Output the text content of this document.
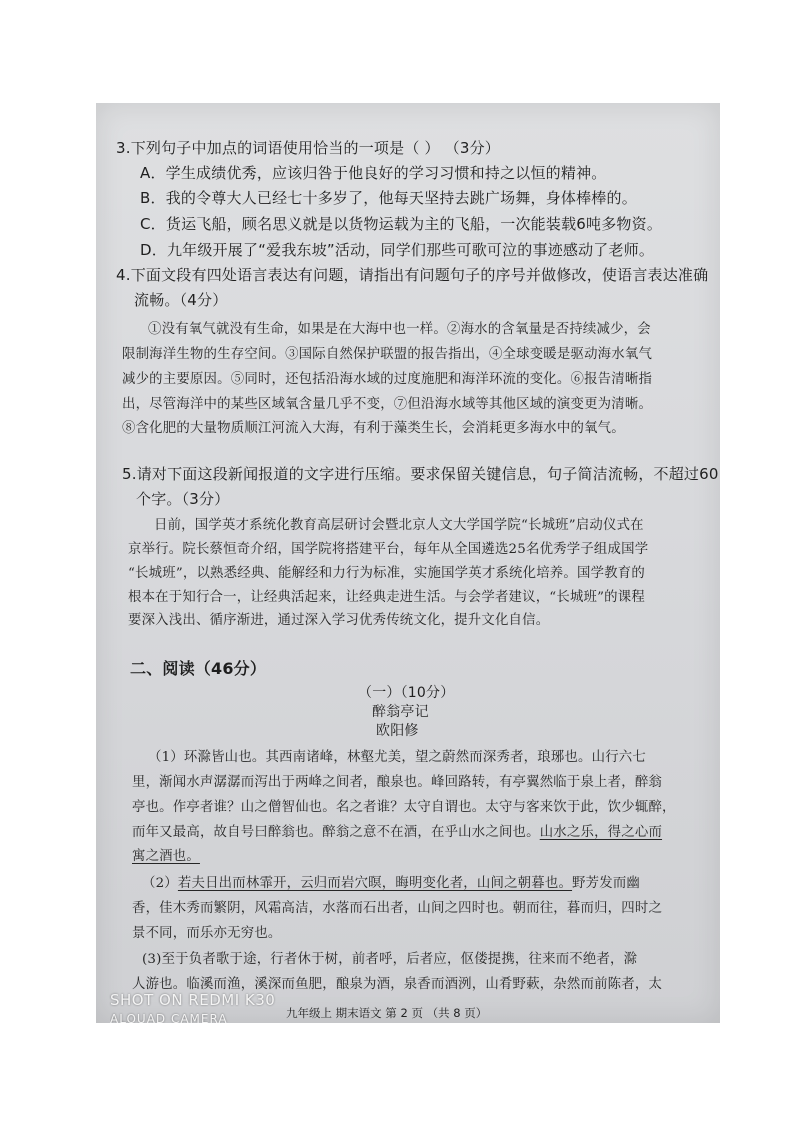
3.下列句子中加点的词语使用恰当的一项是（ ） （3分）
A．学生成绩优秀，应该归咎于他良好的学习习惯和持之以恒的精神。
B．我的令尊大人已经七十多岁了，他每天坚持去跳广场舞，身体棒棒的。
C．货运飞船，顾名思义就是以货物运载为主的飞船，一次能装载6吨多物资。
D．九年级开展了“爱我东坡”活动，同学们那些可歌可泣的事迹感动了老师。
4.下面文段有四处语言表达有问题，请指出有问题句子的序号并做修改，使语言表达准确
流畅。（4分）
①没有氧气就没有生命，如果是在大海中也一样。②海水的含氧量是否持续减少，会
限制海洋生物的生存空间。③国际自然保护联盟的报告指出，④全球变暖是驱动海水氧气
减少的主要原因。⑤同时，还包括沿海水域的过度施肥和海洋环流的变化。⑥报告清晰指
出，尽管海洋中的某些区域氧含量几乎不变，⑦但沿海水域等其他区域的演变更为清晰。
⑧含化肥的大量物质顺江河流入大海，有利于藻类生长，会消耗更多海水中的氧气。
5.请对下面这段新闻报道的文字进行压缩。要求保留关键信息，句子简洁流畅，不超过60
个字。（3分）
日前，国学英才系统化教育高层研讨会暨北京人文大学国学院“长城班”启动仪式在
京举行。院长蔡恒奇介绍，国学院将搭建平台，每年从全国遴选25名优秀学子组成国学
“长城班”，以熟悉经典、能解经和力行为标准，实施国学英才系统化培养。国学教育的
根本在于知行合一，让经典活起来，让经典走进生活。与会学者建议，“长城班”的课程
要深入浅出、循序渐进，通过深入学习优秀传统文化，提升文化自信。
二、阅读（46分）
（一）（10分）
醉翁亭记
欧阳修
（1）环滁皆山也。其西南诸峰，林壑尤美，望之蔚然而深秀者，琅琊也。山行六七
里，渐闻水声潺潺而泻出于两峰之间者，酿泉也。峰回路转，有亭翼然临于泉上者，醉翁
亭也。作亭者谁？山之僧智仙也。名之者谁？太守自谓也。太守与客来饮于此，饮少辄醉，
而年又最高，故自号曰醉翁也。醉翁之意不在酒，在乎山水之间也。山水之乐，得之心而
寓之酒也。
（2）若夫日出而林霏开，云归而岩穴暝，晦明变化者，山间之朝暮也。野芳发而幽
香，佳木秀而繁阴，风霜高洁，水落而石出者，山间之四时也。朝而往，暮而归，四时之
景不同，而乐亦无穷也。
(3)至于负者歌于途，行者休于树，前者呼，后者应，伛偻提携，往来而不绝者，滁
人游也。临溪而渔，溪深而鱼肥，酿泉为酒，泉香而酒洌，山肴野蔌，杂然而前陈者，太
九年级上 期末语文 第 2 页 （共 8 页）
SHOT ON REDMI K30
ALOUAD CAMERA
